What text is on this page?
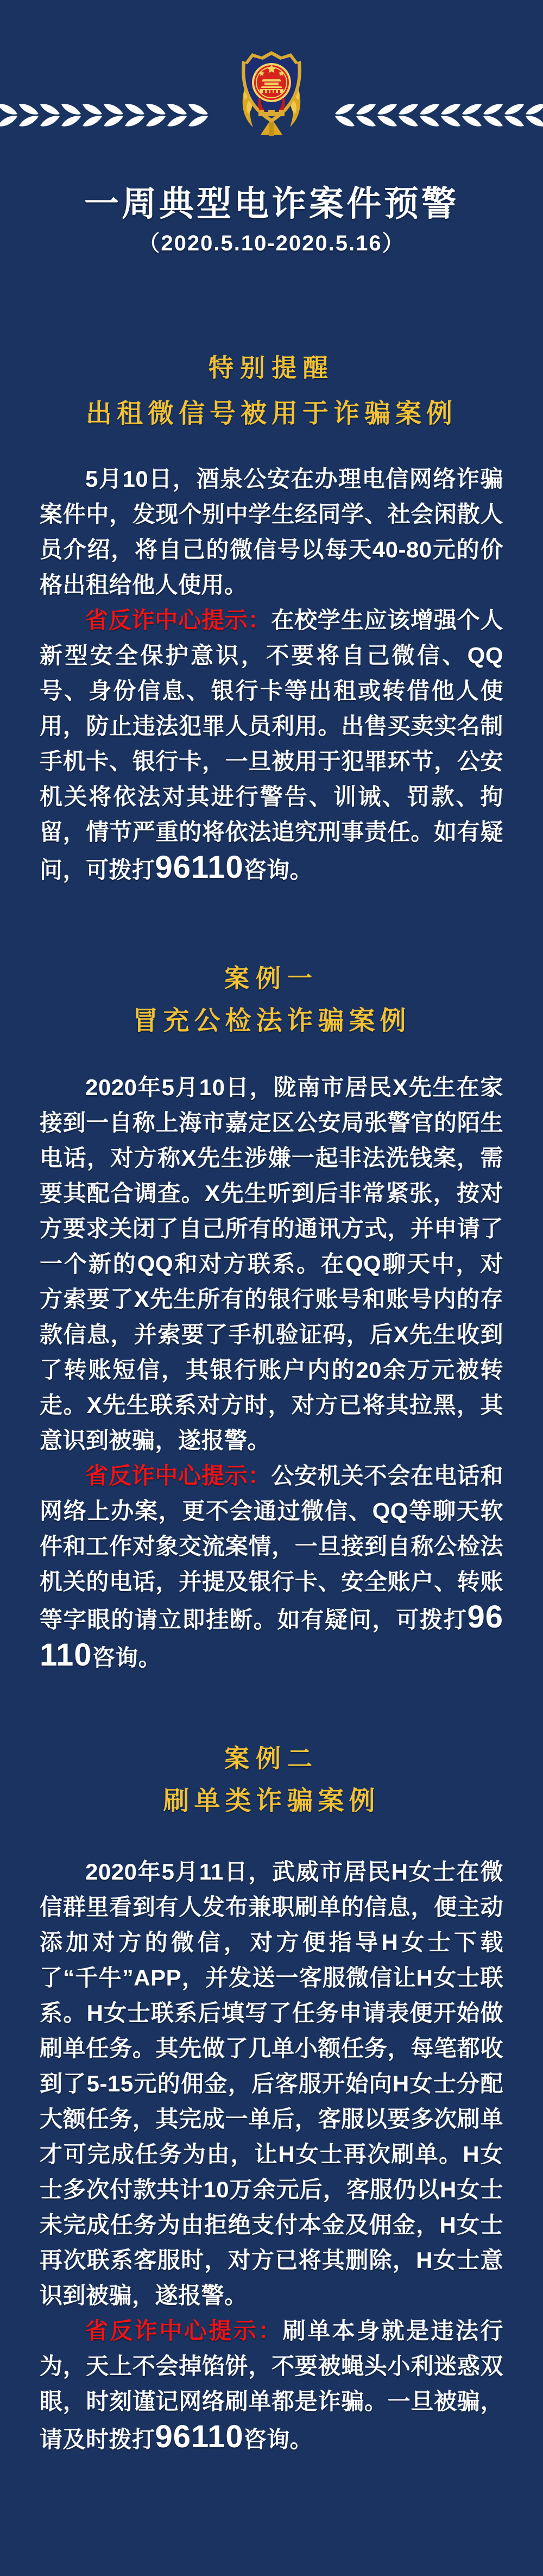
一周典型电诈案件预警
（2020.5.10-2020.5.16）
特别提醒
出租微信号被用于诈骗案例

5月10日，酒泉公安在办理电信网络诈骗案件中，发现个别中学生经同学、社会闲散人员介绍，将自己的微信号以每天40-80元的价格出租给他人使用。

省反诈中心提示：在校学生应该增强个人新型安全保护意识，不要将自己微信、QQ号、身份信息、银行卡等出租或转借他人使用，防止违法犯罪人员利用。出售买卖实名制手机卡、银行卡，一旦被用于犯罪环节，公安机关将依法对其进行警告、训诫、罚款、拘留，情节严重的将依法追究刑事责任。如有疑问，可拨打96110咨询。

案例一
冒充公检法诈骗案例

2020年5月10日，陇南市居民X先生在家接到一自称上海市嘉定区公安局张警官的陌生电话，对方称X先生涉嫌一起非法洗钱案，需要其配合调查。X先生听到后非常紧张，按对方要求关闭了自己所有的通讯方式，并申请了一个新的QQ和对方联系。在QQ聊天中，对方索要了X先生所有的银行账号和账号内的存款信息，并索要了手机验证码，后X先生收到了转账短信，其银行账户内的20余万元被转走。X先生联系对方时，对方已将其拉黑，其意识到被骗，遂报警。

省反诈中心提示：公安机关不会在电话和网络上办案，更不会通过微信、QQ等聊天软件和工作对象交流案情，一旦接到自称公检法机关的电话，并提及银行卡、安全账户、转账等字眼的请立即挂断。如有疑问，可拨打96110咨询。

案例二
刷单类诈骗案例

2020年5月11日，武威市居民H女士在微信群里看到有人发布兼职刷单的信息，便主动添加对方的微信，对方便指导H女士下载了“千牛”APP，并发送一客服微信让H女士联系。H女士联系后填写了任务申请表便开始做刷单任务。其先做了几单小额任务，每笔都收到了5-15元的佣金，后客服开始向H女士分配大额任务，其完成一单后，客服以要多次刷单才可完成任务为由，让H女士再次刷单。H女士多次付款共计10万余元后，客服仍以H女士未完成任务为由拒绝支付本金及佣金，H女士再次联系客服时，对方已将其删除，H女士意识到被骗，遂报警。

省反诈中心提示：刷单本身就是违法行为，天上不会掉馅饼，不要被蝇头小利迷惑双眼，时刻谨记网络刷单都是诈骗。一旦被骗，请及时拨打96110咨询。
